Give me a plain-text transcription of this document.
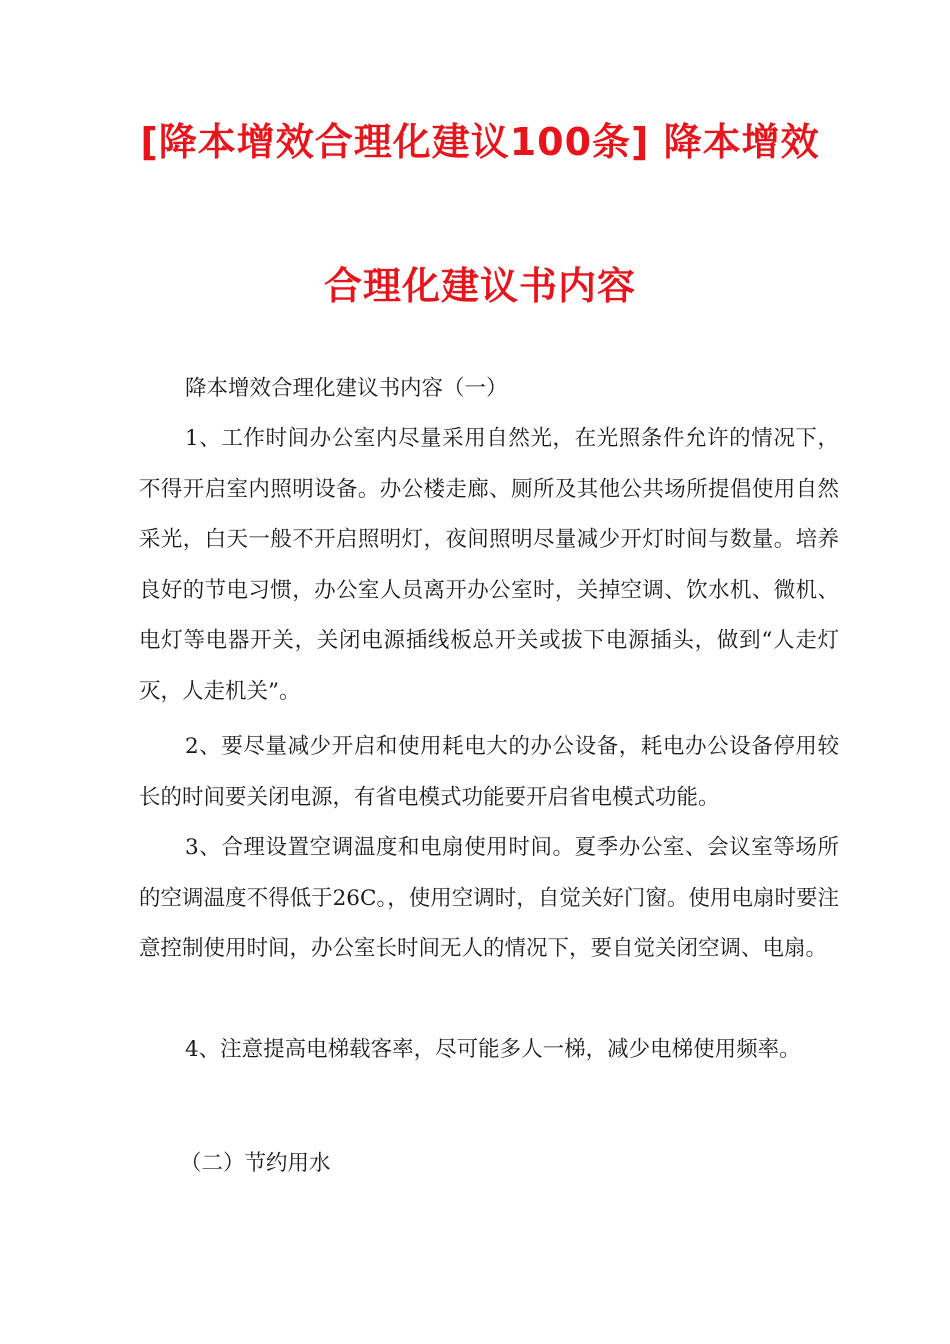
[降本增效合理化建议100条] 降本增效
合理化建议书内容

降本增效合理化建议书内容（一）

1、工作时间办公室内尽量采用自然光，在光照条件允许的情况下，不得开启室内照明设备。办公楼走廊、厕所及其他公共场所提倡使用自然采光，白天一般不开启照明灯，夜间照明尽量减少开灯时间与数量。培养良好的节电习惯，办公室人员离开办公室时，关掉空调、饮水机、微机、电灯等电器开关，关闭电源插线板总开关或拔下电源插头，做到“人走灯灭，人走机关”。

2、要尽量减少开启和使用耗电大的办公设备，耗电办公设备停用较长的时间要关闭电源，有省电模式功能要开启省电模式功能。

3、合理设置空调温度和电扇使用时间。夏季办公室、会议室等场所的空调温度不得低于26C。，使用空调时，自觉关好门窗。使用电扇时要注意控制使用时间，办公室长时间无人的情况下，要自觉关闭空调、电扇。

4、注意提高电梯载客率，尽可能多人一梯，减少电梯使用频率。

（二）节约用水
